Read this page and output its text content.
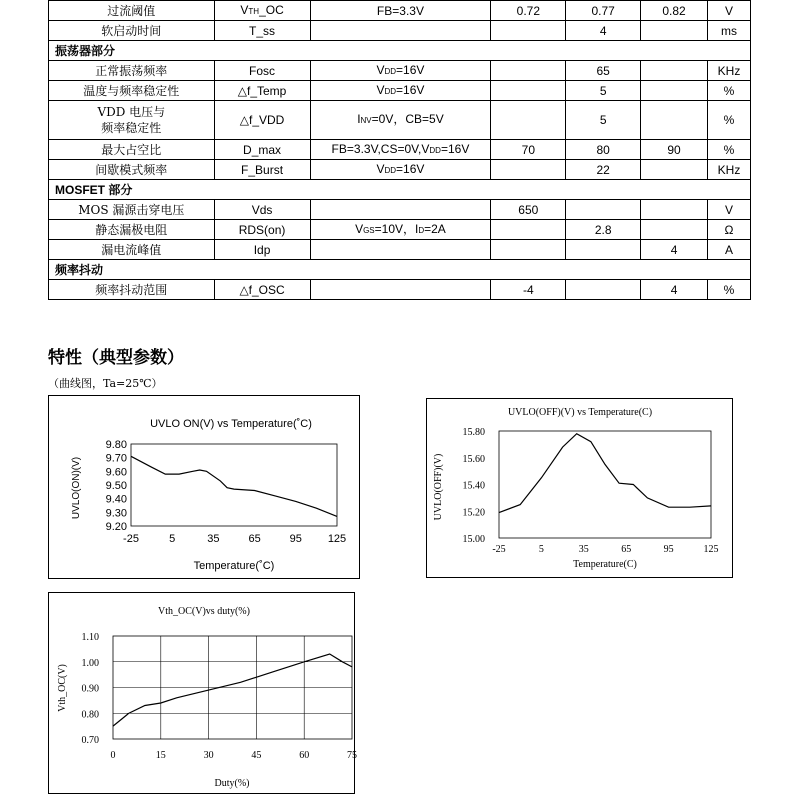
过流阈值	VTH_OC	FB=3.3V	0.72	0.77	0.82	V
软启动时间	T_ss			4		ms
振荡器部分						
正常振荡频率	Fosc	VDD=16V		65		KHz
温度与频率稳定性	△f_Temp	VDD=16V		5		%
VDD 电压与
频率稳定性	△f_VDD	INV=0V，CB=5V		5		%
最大占空比	D_max	FB=3.3V,CS=0V,VDD=16V	70	80	90	%
间歇模式频率	F_Burst	VDD=16V		22		KHz
MOSFET 部分						
MOS 漏源击穿电压	Vds		650			V
静态漏极电阻	RDS(on)	VGS=10V，ID=2A		2.8		Ω
漏电流峰值	Idp				4	A
频率抖动						
频率抖动范围	△f_OSC		-4		4	%
特性（典型参数）
（曲线图，Ta=25℃）
UVLO ON(V) vs Temperature(˚C)
9.80
9.70
9.60
9.50
9.40
9.30
9.20
-25	5	35	65	95 125
Temperature(˚C)
UVLO(ON)(V)
UVLO(OFF)(V) vs Temperature(C)
15.80
15.60
15.40
15.20
15.00
-25	5	35	65	95	125
Temperature(C)
UVLO(OFF)(V)
Vth_OC(V)vs duty(%)
1.10
1.00
0.90
0.80
0.70
0	15	30	45	60	75
Duty(%)
Vth_OC(V)
